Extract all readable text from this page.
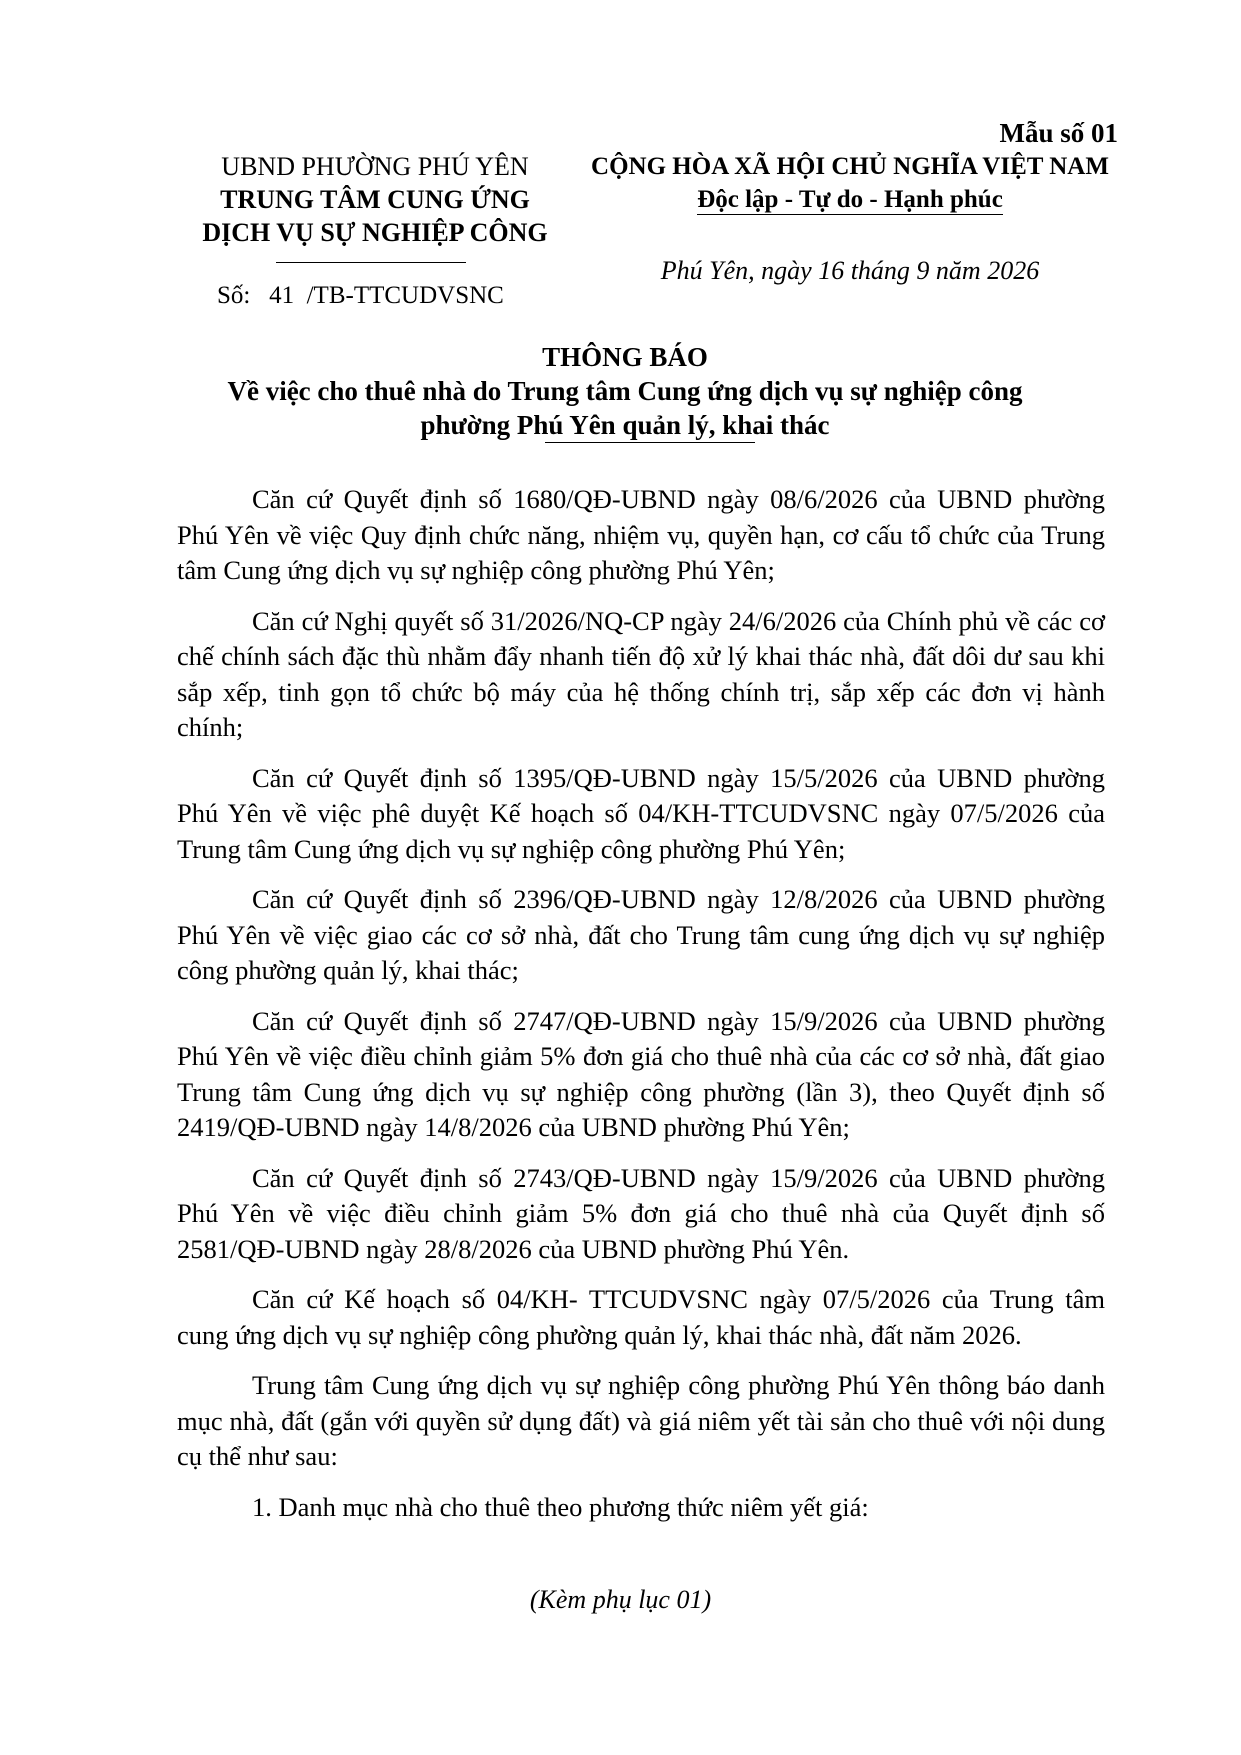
Mẫu số 01
UBND PHƯỜNG PHÚ YÊN
TRUNG TÂM CUNG ỨNG
DỊCH VỤ SỰ NGHIỆP CÔNG
Số:   41  /TB-TTCUDVSNC
CỘNG HÒA XÃ HỘI CHỦ NGHĨA VIỆT NAM
Độc lập - Tự do - Hạnh phúc
Phú Yên, ngày 16 tháng 9 năm 2026
THÔNG BÁO
Về việc cho thuê nhà do Trung tâm Cung ứng dịch vụ sự nghiệp công
phường Phú Yên quản lý, khai thác

Căn cứ Quyết định số 1680/QĐ-UBND ngày 08/6/2026 của UBND phường Phú Yên về việc Quy định chức năng, nhiệm vụ, quyền hạn, cơ cấu tổ chức của Trung tâm Cung ứng dịch vụ sự nghiệp công phường Phú Yên;

Căn cứ Nghị quyết số 31/2026/NQ-CP ngày 24/6/2026 của Chính phủ về các cơ chế chính sách đặc thù nhằm đẩy nhanh tiến độ xử lý khai thác nhà, đất dôi dư sau khi sắp xếp, tinh gọn tổ chức bộ máy của hệ thống chính trị, sắp xếp các đơn vị hành chính;

Căn cứ Quyết định số 1395/QĐ-UBND ngày 15/5/2026 của UBND phường Phú Yên về việc phê duyệt Kế hoạch số 04/KH-TTCUDVSNC ngày 07/5/2026 của Trung tâm Cung ứng dịch vụ sự nghiệp công phường Phú Yên;

Căn cứ Quyết định số 2396/QĐ-UBND ngày 12/8/2026 của UBND phường Phú Yên về việc giao các cơ sở nhà, đất cho Trung tâm cung ứng dịch vụ sự nghiệp công phường quản lý, khai thác;

Căn cứ Quyết định số 2747/QĐ-UBND ngày 15/9/2026 của UBND phường Phú Yên về việc điều chỉnh giảm 5% đơn giá cho thuê nhà của các cơ sở nhà, đất giao Trung tâm Cung ứng dịch vụ sự nghiệp công phường (lần 3), theo Quyết định số 2419/QĐ-UBND ngày 14/8/2026 của UBND phường Phú Yên;

Căn cứ Quyết định số 2743/QĐ-UBND ngày 15/9/2026 của UBND phường Phú Yên về việc điều chỉnh giảm 5% đơn giá cho thuê nhà của Quyết định số 2581/QĐ-UBND ngày 28/8/2026 của UBND phường Phú Yên.

Căn cứ Kế hoạch số 04/KH- TTCUDVSNC ngày 07/5/2026 của Trung tâm cung ứng dịch vụ sự nghiệp công phường quản lý, khai thác nhà, đất năm 2026.

Trung tâm Cung ứng dịch vụ sự nghiệp công phường Phú Yên thông báo danh mục nhà, đất (gắn với quyền sử dụng đất) và giá niêm yết tài sản cho thuê với nội dung cụ thể như sau:

1. Danh mục nhà cho thuê theo phương thức niêm yết giá:

(Kèm phụ lục 01)
